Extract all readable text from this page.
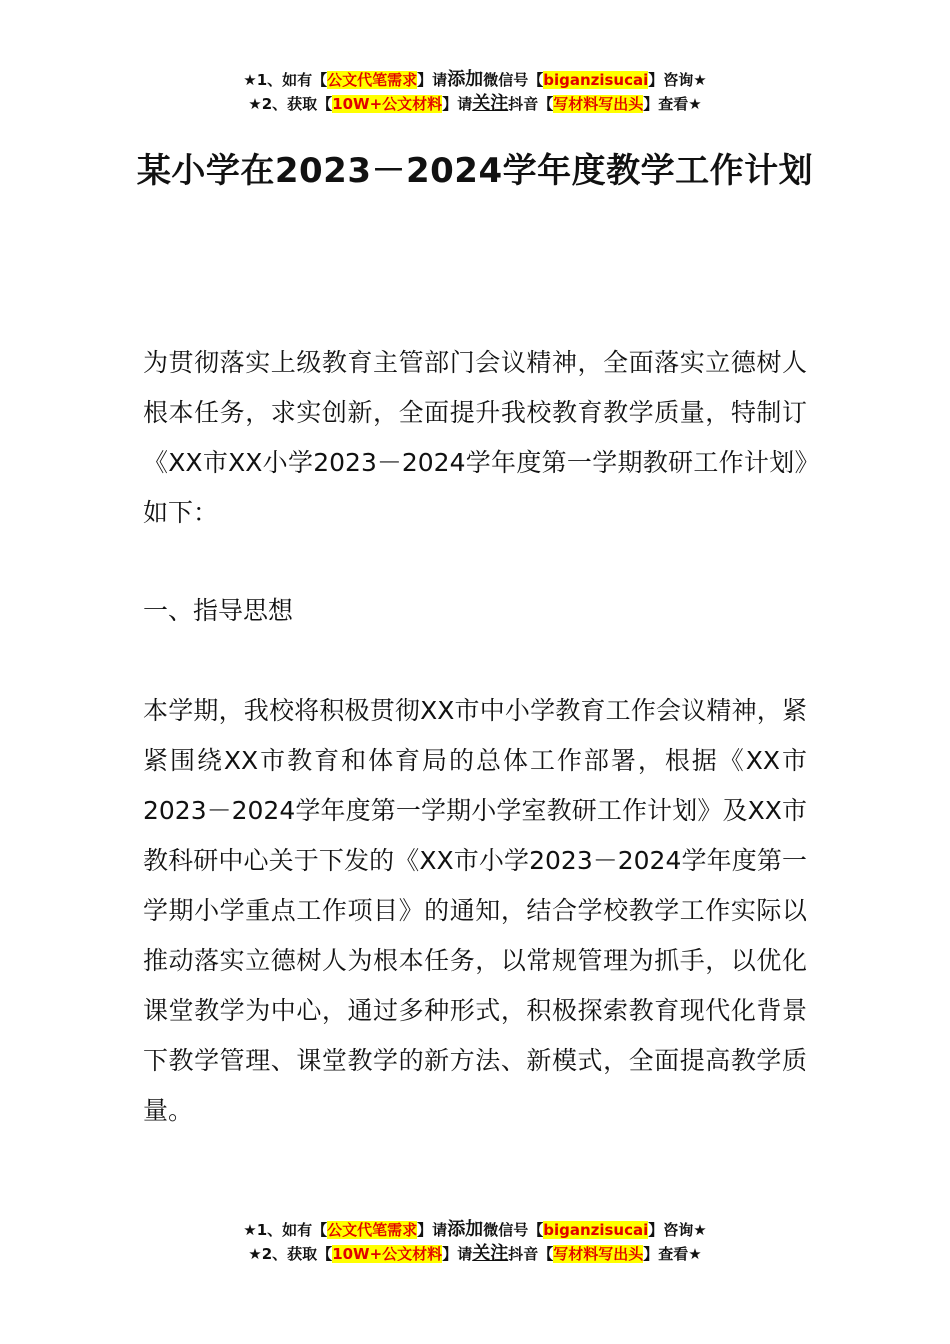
★1、如有【公文代笔需求】请添加微信号【biganzisucai】咨询★
★2、获取【10W+公文材料】请关注抖音【写材料写出头】查看★
某小学在2023－2024学年度教学工作计划

为贯彻落实上级教育主管部门会议精神，全面落实立德树人根本任务，求实创新，全面提升我校教育教学质量，特制订《XX市XX小学2023－2024学年度第一学期教研工作计划》如下：

一、指导思想

本学期，我校将积极贯彻XX市中小学教育工作会议精神，紧紧围绕XX市教育和体育局的总体工作部署，根据《XX市2023－2024学年度第一学期小学室教研工作计划》及XX市教科研中心关于下发的《XX市小学2023－2024学年度第一学期小学重点工作项目》的通知，结合学校教学工作实际以推动落实立德树人为根本任务，以常规管理为抓手，以优化课堂教学为中心，通过多种形式，积极探索教育现代化背景下教学管理、课堂教学的新方法、新模式，全面提高教学质量。

★1、如有【公文代笔需求】请添加微信号【biganzisucai】咨询★
★2、获取【10W+公文材料】请关注抖音【写材料写出头】查看★
